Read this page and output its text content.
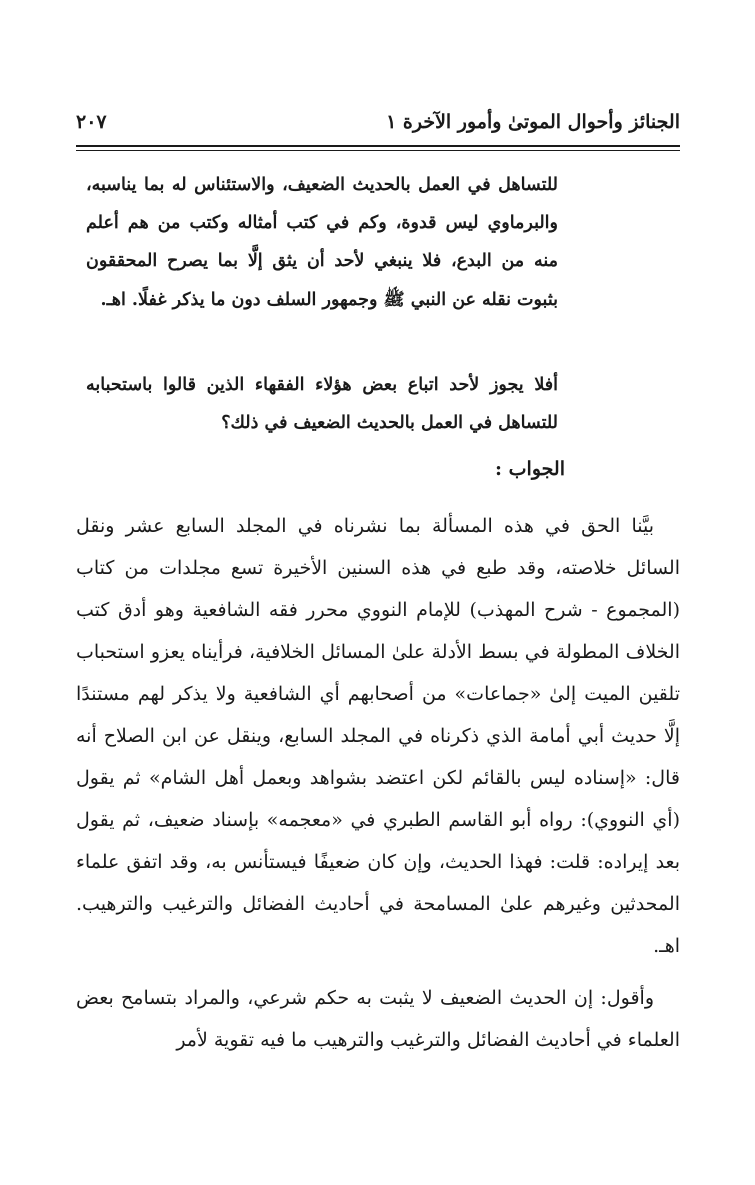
الجنائز وأحوال الموتىٰ وأمور الآخرة ١
٢٠٧
للتساهل في العمل بالحديث الضعيف، والاستئناس له بما يناسبه، والبرماوي ليس قدوة، وكم في كتب أمثاله وكتب من هم أعلم منه من البدع، فلا ينبغي لأحد أن يثق إلَّا بما يصرح المحققون بثبوت نقله عن النبي ﷺ وجمهور السلف دون ما يذكر غفلًا. اهـ.
أفلا يجوز لأحد اتباع بعض هؤلاء الفقهاء الذين قالوا باستحبابه للتساهل في العمل بالحديث الضعيف في ذلك؟
الجواب :

بيَّنا الحق في هذه المسألة بما نشرناه في المجلد السابع عشر ونقل السائل خلاصته، وقد طبع في هذه السنين الأخيرة تسع مجلدات من كتاب (المجموع - شرح المهذب) للإمام النووي محرر فقه الشافعية وهو أدق كتب الخلاف المطولة في بسط الأدلة علىٰ المسائل الخلافية، فرأيناه يعزو استحباب تلقين الميت إلىٰ «جماعات» من أصحابهم أي الشافعية ولا يذكر لهم مستندًا إلَّا حديث أبي أمامة الذي ذكرناه في المجلد السابع، وينقل عن ابن الصلاح أنه قال: «إسناده ليس بالقائم لكن اعتضد بشواهد وبعمل أهل الشام» ثم يقول (أي النووي): رواه أبو القاسم الطبري في «معجمه» بإسناد ضعيف، ثم يقول بعد إيراده: قلت: فهذا الحديث، وإن كان ضعيفًا فيستأنس به، وقد اتفق علماء المحدثين وغيرهم علىٰ المسامحة في أحاديث الفضائل والترغيب والترهيب. اهـ.

وأقول: إن الحديث الضعيف لا يثبت به حكم شرعي، والمراد بتسامح بعض العلماء في أحاديث الفضائل والترغيب والترهيب ما فيه تقوية لأمر
